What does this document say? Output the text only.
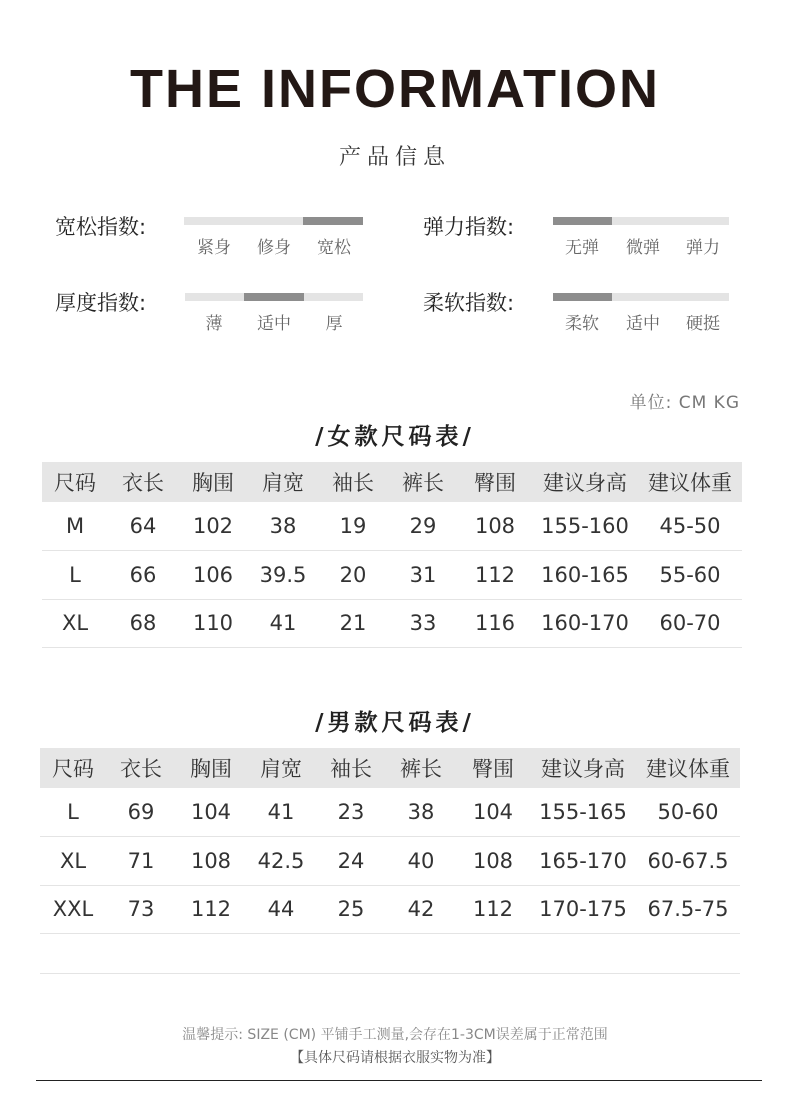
THE INFORMATION
产品信息
宽松指数:
紧身	修身	宽松
弹力指数:
无弹	微弹	弹力
厚度指数:
薄	适中	厚
柔软指数:
柔软	适中	硬挺
单位: CM KG
/女款尺码表/
尺码	衣长	胸围	肩宽	袖长	裤长	臀围	建议身高	建议体重
M	64	102	38	19	29	108	155-160	45-50
L	66	106	39.5	20	31	112	160-165	55-60
XL	68	110	41	21	33	116	160-170	60-70
/男款尺码表/
尺码	衣长	胸围	肩宽	袖长	裤长	臀围	建议身高	建议体重
L	69	104	41	23	38	104	155-165	50-60
XL	71	108	42.5	24	40	108	165-170	60-67.5
XXL	73	112	44	25	42	112	170-175	67.5-75

温馨提示: SIZE (CM) 平铺手工测量,会存在1-3CM误差属于正常范围
【具体尺码请根据衣服实物为准】
